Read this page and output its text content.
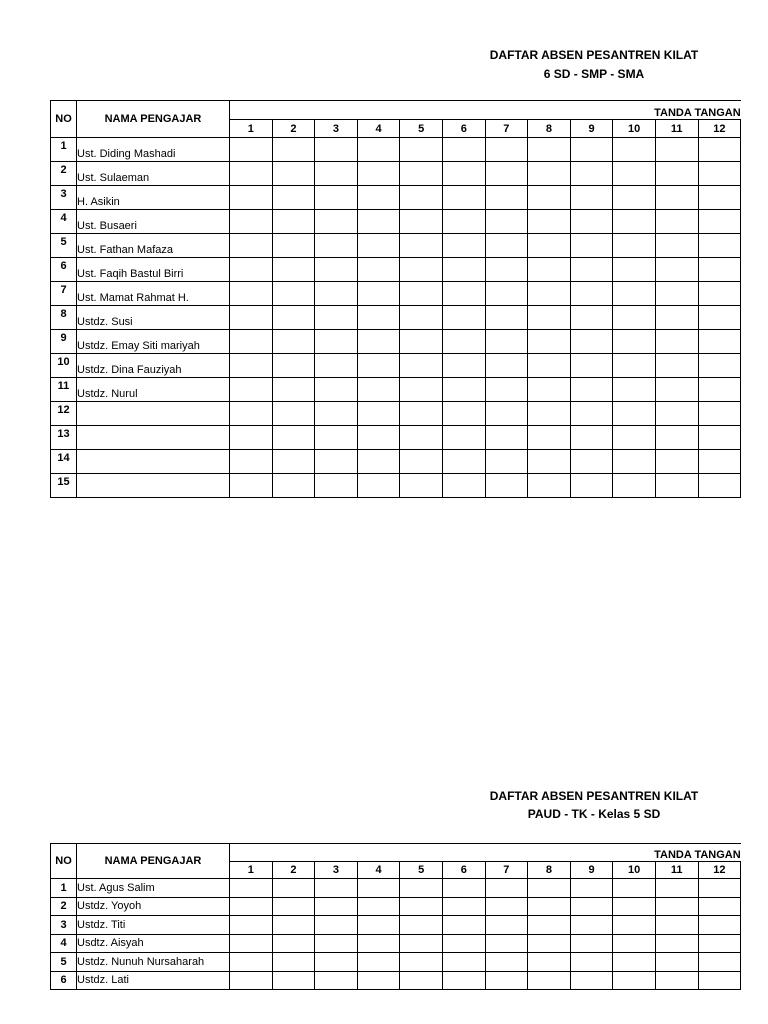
DAFTAR ABSEN PESANTREN KILAT
6 SD - SMP - SMA
NO	NAMA PENGAJAR	TANDA TANGAN											
		1	2	3	4	5	6	7	8	9	10	11	12
1	Ust. Diding Mashadi												
2	Ust. Sulaeman												
3	H. Asikin												
4	Ust. Busaeri												
5	Ust. Fathan Mafaza												
6	Ust. Faqih Bastul Birri												
7	Ust. Mamat Rahmat H.												
8	Ustdz. Susi												
9	Ustdz. Emay Siti mariyah												
10	Ustdz. Dina Fauziyah												
11	Ustdz. Nurul												
12													
13													
14													
15													
DAFTAR ABSEN PESANTREN KILAT
PAUD - TK - Kelas 5 SD
NO	NAMA PENGAJAR	TANDA TANGAN											
		1	2	3	4	5	6	7	8	9	10	11	12
1	Ust. Agus Salim												
2	Ustdz. Yoyoh												
3	Ustdz. Titi												
4	Usdtz. Aisyah												
5	Ustdz. Nunuh Nursaharah												
6	Ustdz. Lati												
